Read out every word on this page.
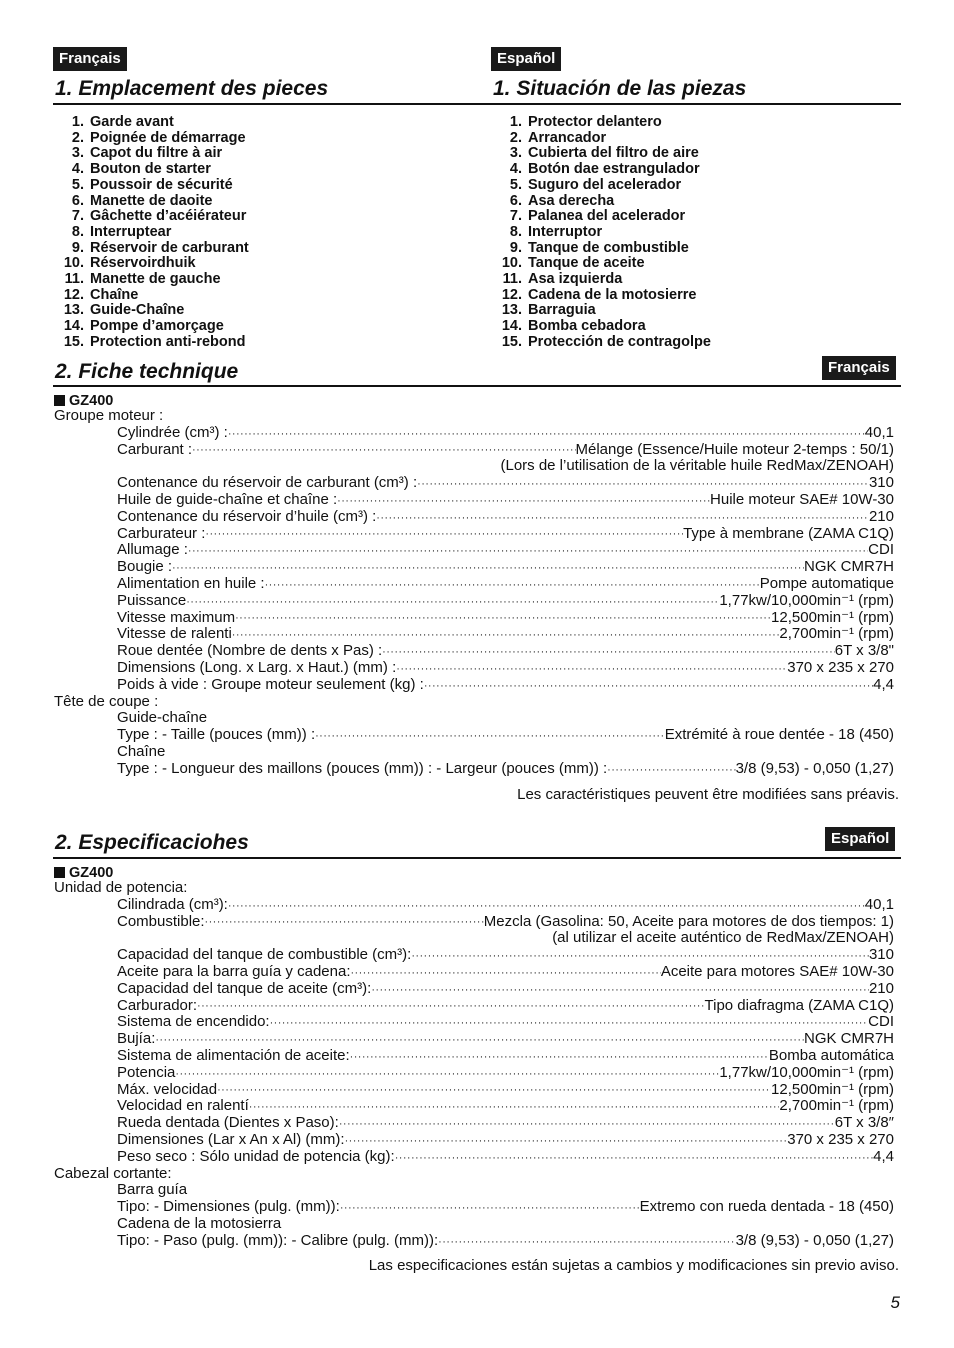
Français	Español
1. Emplacement des pieces	1. Situación de las piezas
1. Garde avant
2. Poignée de démarrage
3. Capot du filtre à air
4. Bouton de starter
5. Poussoir de sécurité
6. Manette de daoite
7. Gâchette d’acéiérateur
8. Interruptear
9. Réservoir de carburant
10. Réservoirdhuik
11. Manette de gauche
12. Chaîne
13. Guide-Chaîne
14. Pompe d’amorçage
15. Protection anti-rebond
1. Protector delantero
2. Arrancador
3. Cubierta del filtro de aire
4. Botón dae estrangulador
5. Suguro del acelerador
6. Asa derecha
7. Palanea del acelerador
8. Interruptor
9. Tanque de combustible
10. Tanque de aceite
11. Asa izquierda
12. Cadena de la motosierre
13. Barraguia
14. Bomba cebadora
15. Protección de contragolpe
2. Fiche technique	Français
GZ400
Groupe moteur :
Cylindrée (cm³) : ·····	40,1
Carburant : ·····	Mélange (Essence/Huile moteur 2-temps : 50/1)
(Lors de l’utilisation de la véritable huile RedMax/ZENOAH)
Contenance du réservoir de carburant (cm³) : ·····	310
Huile de guide-chaîne et chaîne : ·····	Huile moteur SAE# 10W-30
Contenance du réservoir d’huile (cm³) : ·····	210
Carburateur : ·····	Type à membrane (ZAMA C1Q)
Allumage : ·····	CDI
Bougie : ·····	NGK CMR7H
Alimentation en huile : ·····	Pompe automatique
Puissance ·····	1,77kw/10,000min⁻¹ (rpm)
Vitesse maximum ·····	12,500min⁻¹ (rpm)
Vitesse de ralenti ·····	2,700min⁻¹ (rpm)
Roue dentée (Nombre de dents x Pas) : ·····	6T x 3/8"
Dimensions (Long. x Larg. x Haut.) (mm) : ·····	370 x 235 x 270
Poids à vide : Groupe moteur seulement (kg) : ·····	4,4
Tête de coupe :
Guide-chaîne
Type : - Taille (pouces (mm)) : ·····	Extrémité à roue dentée - 18 (450)
Chaîne
Type : - Longueur des maillons (pouces (mm)) : - Largeur (pouces (mm)) : ·····	3/8 (9,53) - 0,050 (1,27)
Les caractéristiques peuvent être modifiées sans préavis.
2. Especificaciohes	Español
GZ400
Unidad de potencia:
Cilindrada (cm³): ·····	40,1
Combustible: ·····	Mezcla (Gasolina: 50, Aceite para motores de dos tiempos: 1)
(al utilizar el aceite auténtico de RedMax/ZENOAH)
Capacidad del tanque de combustible (cm³): ·····	310
Aceite para la barra guía y cadena: ·····	Aceite para motores SAE# 10W-30
Capacidad del tanque de aceite (cm³): ·····	210
Carburador: ·····	Tipo diafragma (ZAMA C1Q)
Sistema de encendido: ·····	CDI
Bujía: ·····	NGK CMR7H
Sistema de alimentación de aceite: ·····	Bomba automática
Potencia ·····	1,77kw/10,000min⁻¹ (rpm)
Máx. velocidad ·····	12,500min⁻¹ (rpm)
Velocidad en ralentí ·····	2,700min⁻¹ (rpm)
Rueda dentada (Dientes x Paso): ·····	6T x 3/8″
Dimensiones (Lar x An x Al) (mm): ·····	370 x 235 x 270
Peso seco : Sólo unidad de potencia (kg): ·····	4,4
Cabezal cortante:
Barra guía
Tipo: - Dimensiones (pulg. (mm)): ·····	Extremo con rueda dentada - 18 (450)
Cadena de la motosierra
Tipo: - Paso (pulg. (mm)): - Calibre (pulg. (mm)): ·····	3/8 (9,53) - 0,050 (1,27)
Las especificaciones están sujetas a cambios y modificaciones sin previo aviso.
5
